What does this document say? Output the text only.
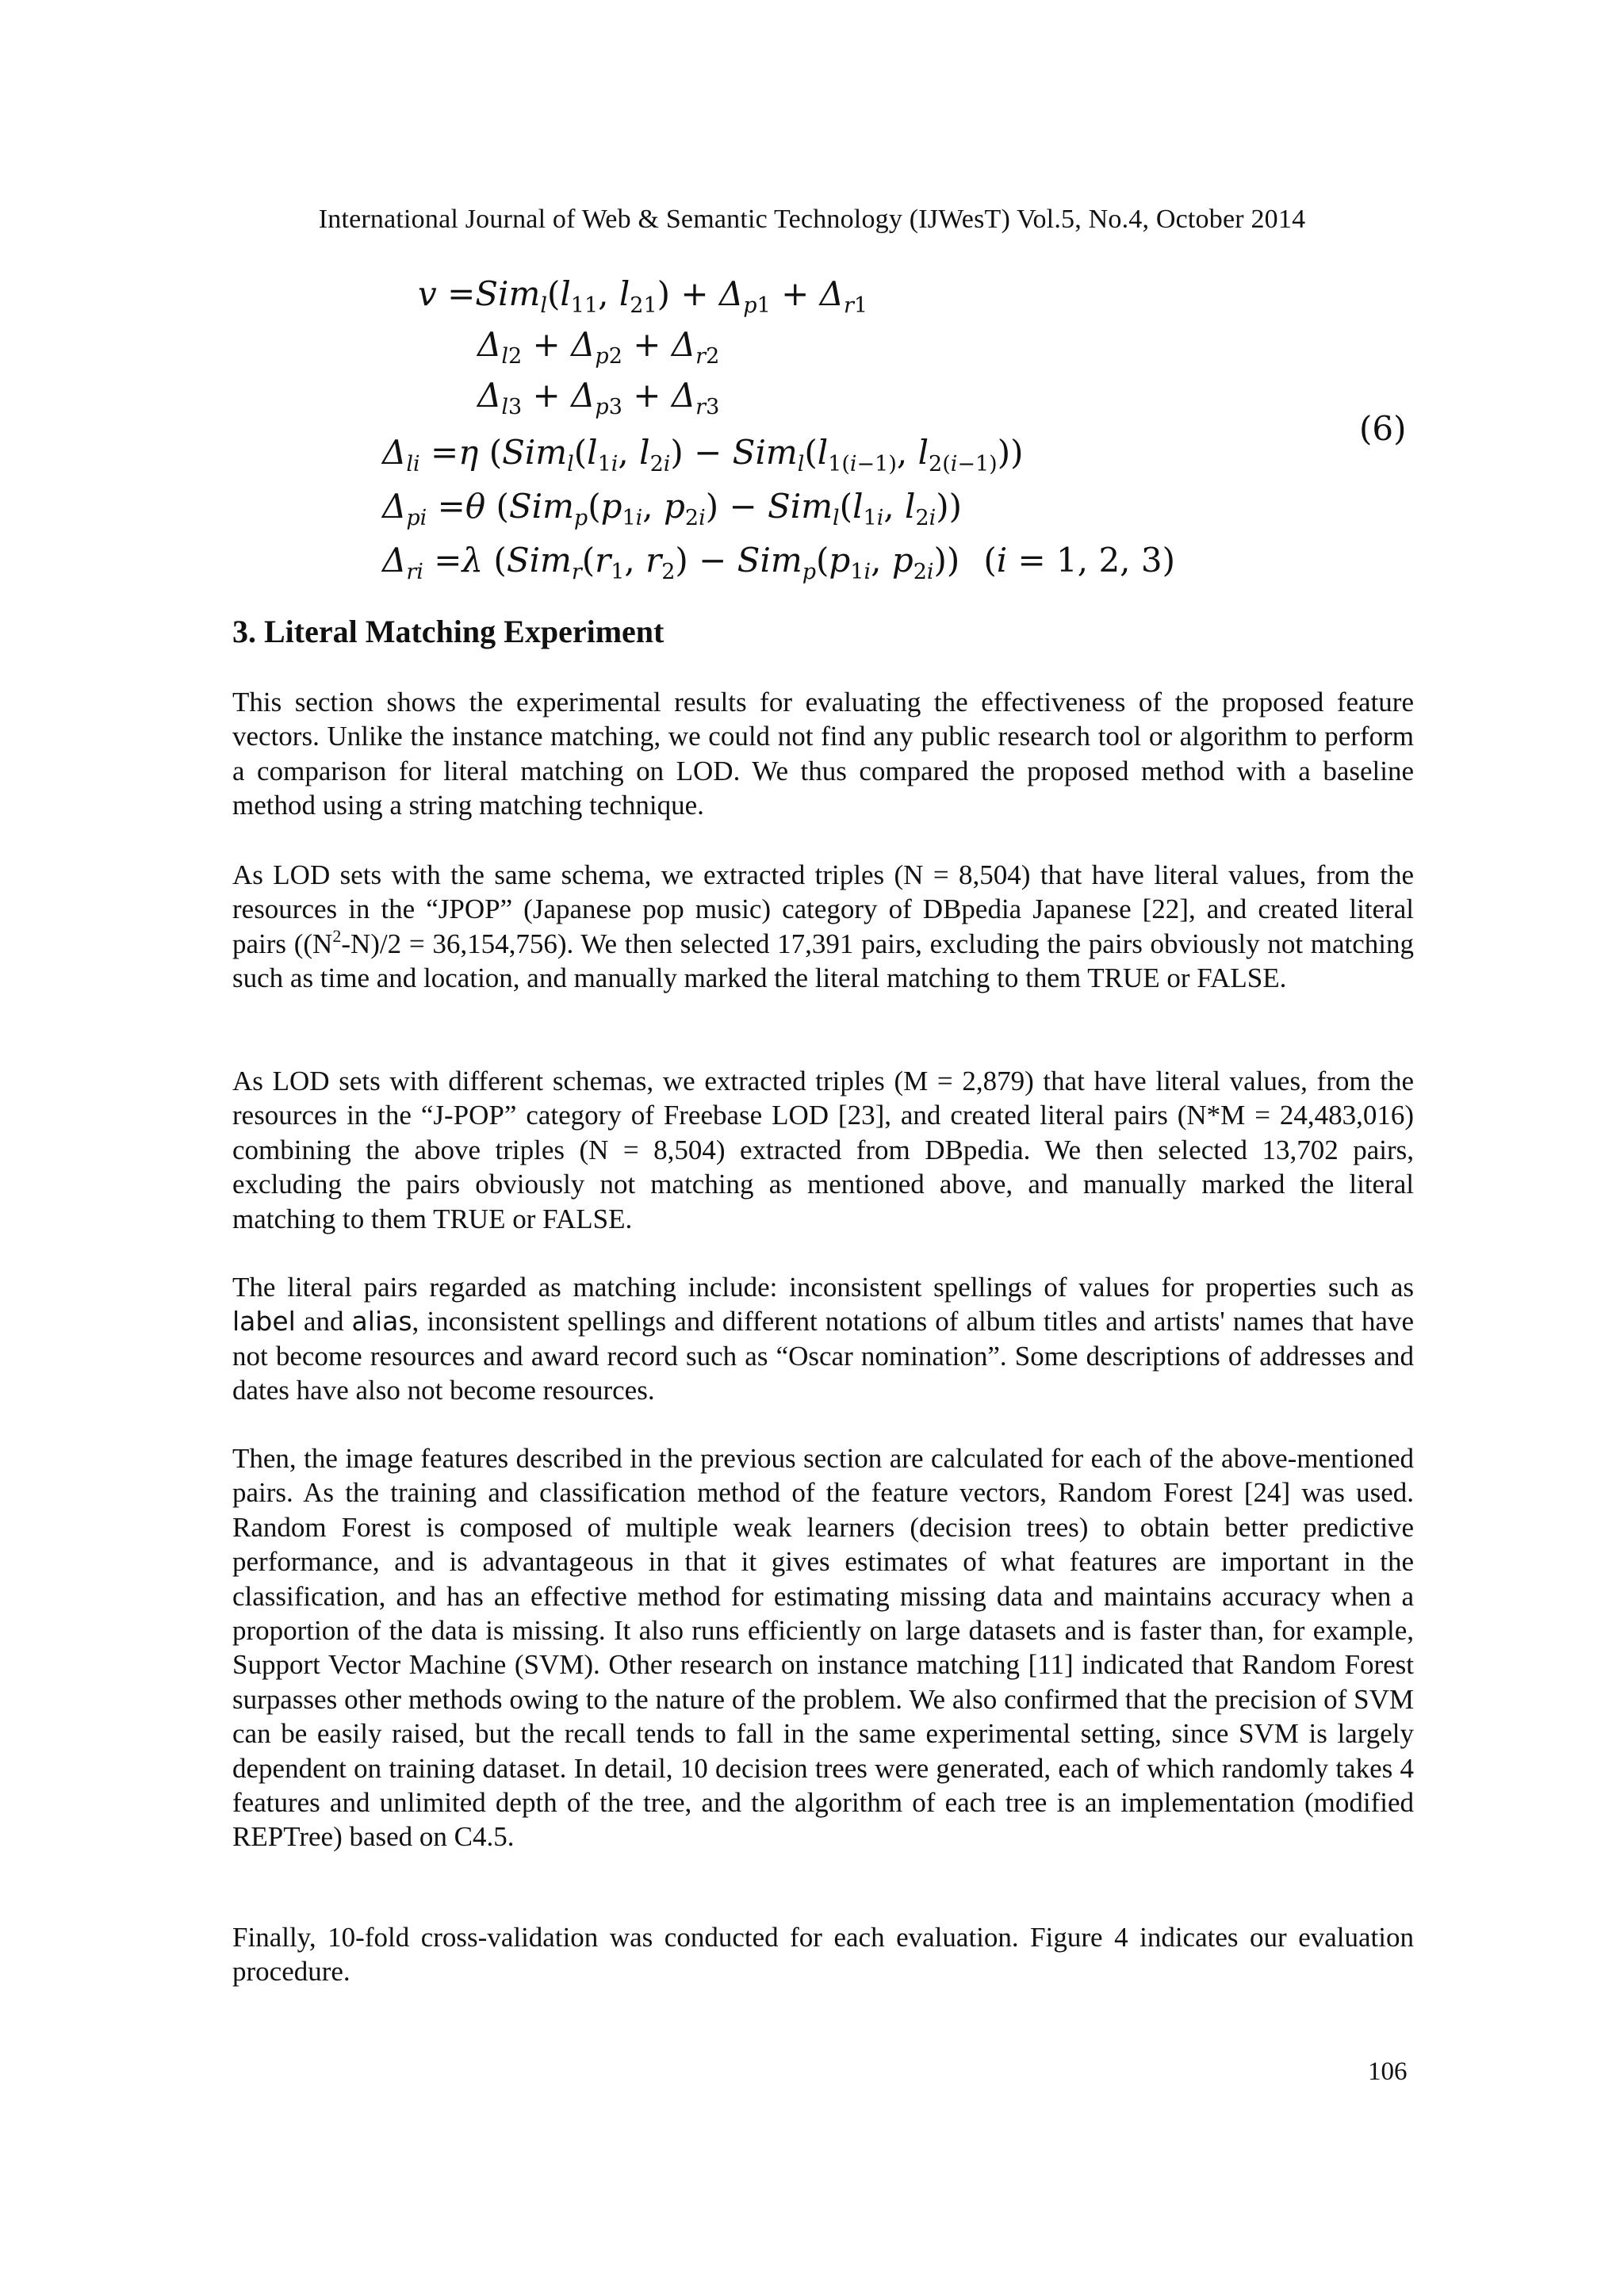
International Journal of Web & Semantic Technology (IJWesT) Vol.5, No.4, October 2014
$v =Sim_l(l_{11}$, $l_{21}) + \Delta_{p1} + \Delta_{r1}$
$\Delta_{l2} + \Delta_{p2} + \Delta_{r2}$
$\Delta_{l3} + \Delta_{p3} + \Delta_{r3}$
$\Delta_{li} =\eta$ ($Sim_l(l_{1i}$, $l_{2i}) - Sim_l(l_{1(i-1)}$, $l_{2(i-1)}$))
$\Delta_{pi} =\theta$ ($Sim_p(p_{1i}$, $p_{2i}) - Sim_l(l_{1i}$, $l_{2i}$))
$\Delta_{ri} =\lambda$ ($Sim_r(r_1$, $r_2) - Sim_p(p_{1i}$, $p_{2i}$)) (i = 1, 2, 3)
(6)
3. Literal Matching Experiment

This section shows the experimental results for evaluating the effectiveness of the proposed feature vectors. Unlike the instance matching, we could not find any public research tool or algorithm to perform a comparison for literal matching on LOD. We thus compared the proposed method with a baseline method using a string matching technique.

As LOD sets with the same schema, we extracted triples (N = 8,504) that have literal values, from the resources in the “JPOP” (Japanese pop music) category of DBpedia Japanese [22], and created literal pairs $((N^2-N)/2 = 36,154,756)$. We then selected 17,391 pairs, excluding the pairs obviously not matching such as time and location, and manually marked the literal matching to them TRUE or FALSE.

As LOD sets with different schemas, we extracted triples (M = 2,879) that have literal values, from the resources in the “J-POP” category of Freebase LOD [23], and created literal pairs (N*M = 24,483,016) combining the above triples (N = 8,504) extracted from DBpedia. We then selected 13,702 pairs, excluding the pairs obviously not matching as mentioned above, and manually marked the literal matching to them TRUE or FALSE.

The literal pairs regarded as matching include: inconsistent spellings of values for properties such as label and alias, inconsistent spellings and different notations of album titles and artists' names that have not become resources and award record such as “Oscar nomination”. Some descriptions of addresses and dates have also not become resources.

Then, the image features described in the previous section are calculated for each of the above-mentioned pairs. As the training and classification method of the feature vectors, Random Forest [24] was used. Random Forest is composed of multiple weak learners (decision trees) to obtain better predictive performance, and is advantageous in that it gives estimates of what features are important in the classification, and has an effective method for estimating missing data and maintains accuracy when a proportion of the data is missing. It also runs efficiently on large datasets and is faster than, for example, Support Vector Machine (SVM). Other research on instance matching [11] indicated that Random Forest surpasses other methods owing to the nature of the problem. We also confirmed that the precision of SVM can be easily raised, but the recall tends to fall in the same experimental setting, since SVM is largely dependent on training dataset. In detail, 10 decision trees were generated, each of which randomly takes 4 features and unlimited depth of the tree, and the algorithm of each tree is an implementation (modified REPTree) based on C4.5.

Finally, 10-fold cross-validation was conducted for each evaluation. Figure 4 indicates our evaluation procedure.

106
